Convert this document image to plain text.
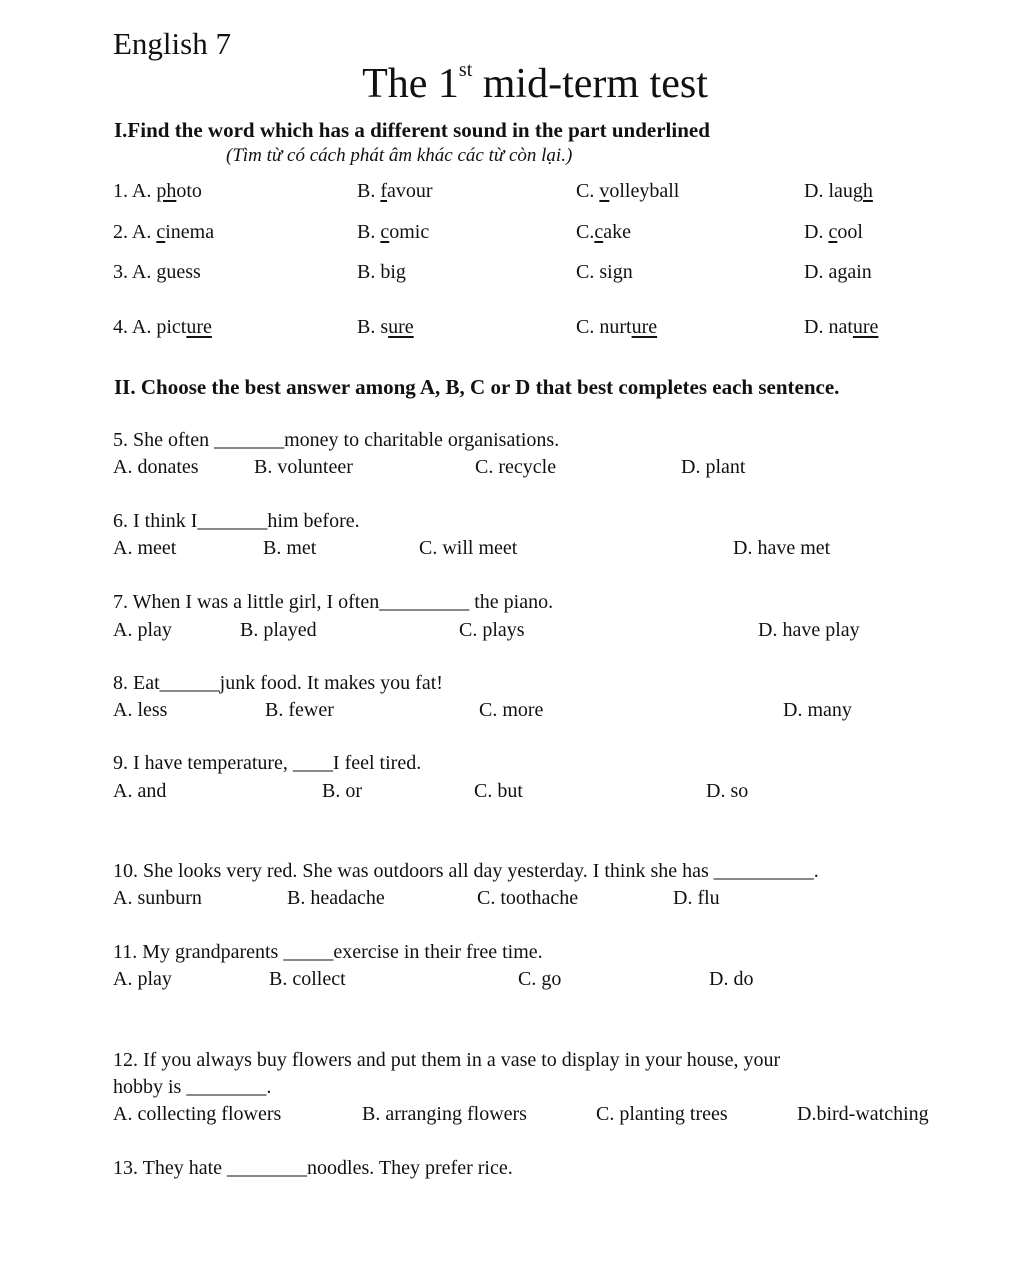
English 7
The 1st mid-term test
I.Find the word which has a different sound in the part underlined
(Tìm từ có cách phát âm khác các từ còn lại.)
1. A. photo	B. favour	C. volleyball	D. laugh
2. A. cinema	B. comic	C.cake	D. cool
3. A. guess	B. big	C. sign	D. again
4. A. picture	B. sure	C. nurture	D. nature
II. Choose the best answer among A, B, C or D that best completes each sentence.
5. She often _______money to charitable organisations.
A. donates	B. volunteer	C. recycle	D. plant
6. I think I_______him before.
A. meet	B. met	C. will meet	D. have met
7. When I was a little girl, I often_________ the piano.
A. play	B. played	C. plays	D. have play
8. Eat______junk food. It makes you fat!
A. less	B. fewer	C. more	D. many
9. I have temperature, ____I feel tired.
A. and	B. or	C. but	D. so
10. She looks very red. She was outdoors all day yesterday. I think she has __________.
A. sunburn	B. headache	C. toothache	D. flu
11. My grandparents _____exercise in their free time.
A. play	B. collect	C. go	D. do
12. If you always buy flowers and put them in a vase to display in your house, your
hobby is ________.
A. collecting flowers	B. arranging flowers	C. planting trees	D.bird-watching
13. They hate ________noodles. They prefer rice.
